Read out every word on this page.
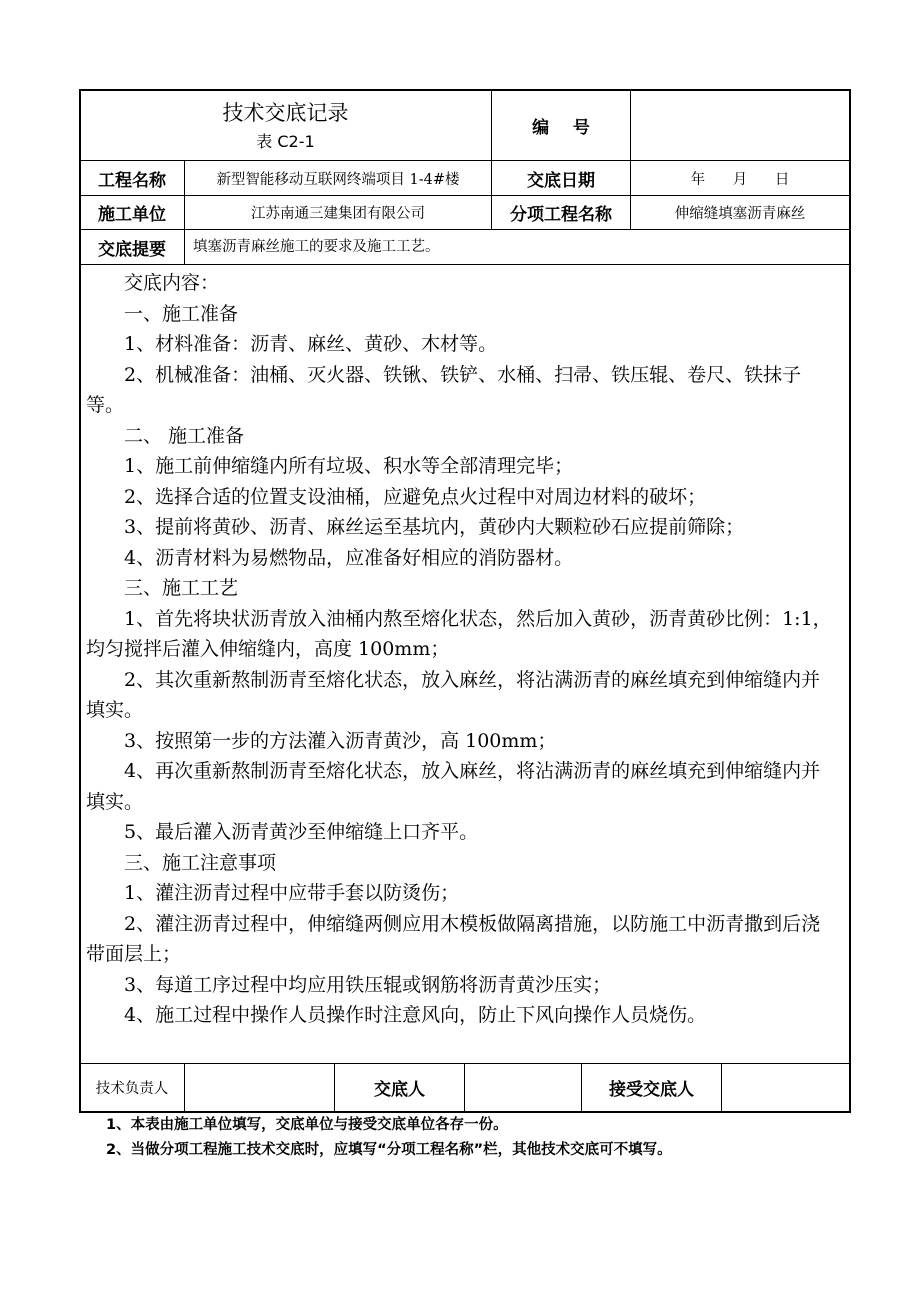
技术交底记录
表 C2-1
编    号
工程名称	新型智能移动互联网终端项目 1-4#楼	交底日期	年      月      日
施工单位	江苏南通三建集团有限公司	分项工程名称	伸缩缝填塞沥青麻丝
交底提要	填塞沥青麻丝施工的要求及施工工艺。

交底内容：

一、施工准备

1、材料准备：沥青、麻丝、黄砂、木材等。

2、机械准备：油桶、灭火器、铁锹、铁铲、水桶、扫帚、铁压辊、卷尺、铁抹子等。

二、 施工准备

1、施工前伸缩缝内所有垃圾、积水等全部清理完毕；

2、选择合适的位置支设油桶，应避免点火过程中对周边材料的破坏；

3、提前将黄砂、沥青、麻丝运至基坑内，黄砂内大颗粒砂石应提前筛除；

4、沥青材料为易燃物品，应准备好相应的消防器材。

三、施工工艺

1、首先将块状沥青放入油桶内熬至熔化状态，然后加入黄砂，沥青黄砂比例：1:1，均匀搅拌后灌入伸缩缝内，高度 100mm；

2、其次重新熬制沥青至熔化状态，放入麻丝，将沾满沥青的麻丝填充到伸缩缝内并填实。

3、按照第一步的方法灌入沥青黄沙，高 100mm；

4、再次重新熬制沥青至熔化状态，放入麻丝，将沾满沥青的麻丝填充到伸缩缝内并填实。

5、最后灌入沥青黄沙至伸缩缝上口齐平。

三、施工注意事项

1、灌注沥青过程中应带手套以防烫伤；

2、灌注沥青过程中，伸缩缝两侧应用木模板做隔离措施，以防施工中沥青撒到后浇带面层上；

3、每道工序过程中均应用铁压辊或钢筋将沥青黄沙压实；

4、施工过程中操作人员操作时注意风向，防止下风向操作人员烧伤。

技术负责人	交底人	接受交底人
1、本表由施工单位填写，交底单位与接受交底单位各存一份。
2、当做分项工程施工技术交底时，应填写“分项工程名称”栏，其他技术交底可不填写。
